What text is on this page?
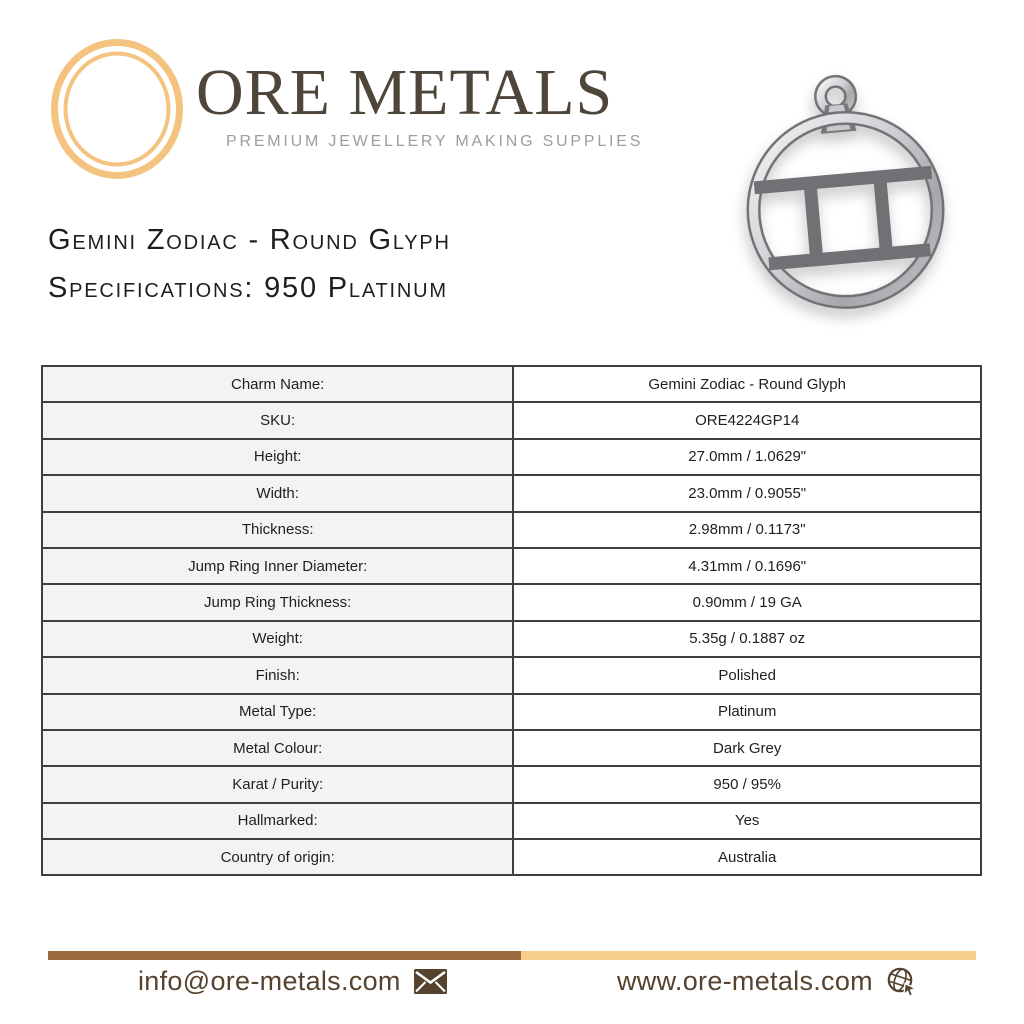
ORE METALS
PREMIUM JEWELLERY MAKING SUPPLIES
Gemini Zodiac - Round Glyph
Specifications: 950 Platinum
Charm Name:	Gemini Zodiac - Round Glyph
SKU:	ORE4224GP14
Height:	27.0mm / 1.0629"
Width:	23.0mm / 0.9055"
Thickness:	2.98mm / 0.1173"
Jump Ring Inner Diameter:	4.31mm / 0.1696"
Jump Ring Thickness:	0.90mm / 19 GA
Weight:	5.35g / 0.1887 oz
Finish:	Polished
Metal Type:	Platinum
Metal Colour:	Dark Grey
Karat / Purity:	950 / 95%
Hallmarked:	Yes
Country of origin:	Australia
info@ore-metals.com	www.ore-metals.com
